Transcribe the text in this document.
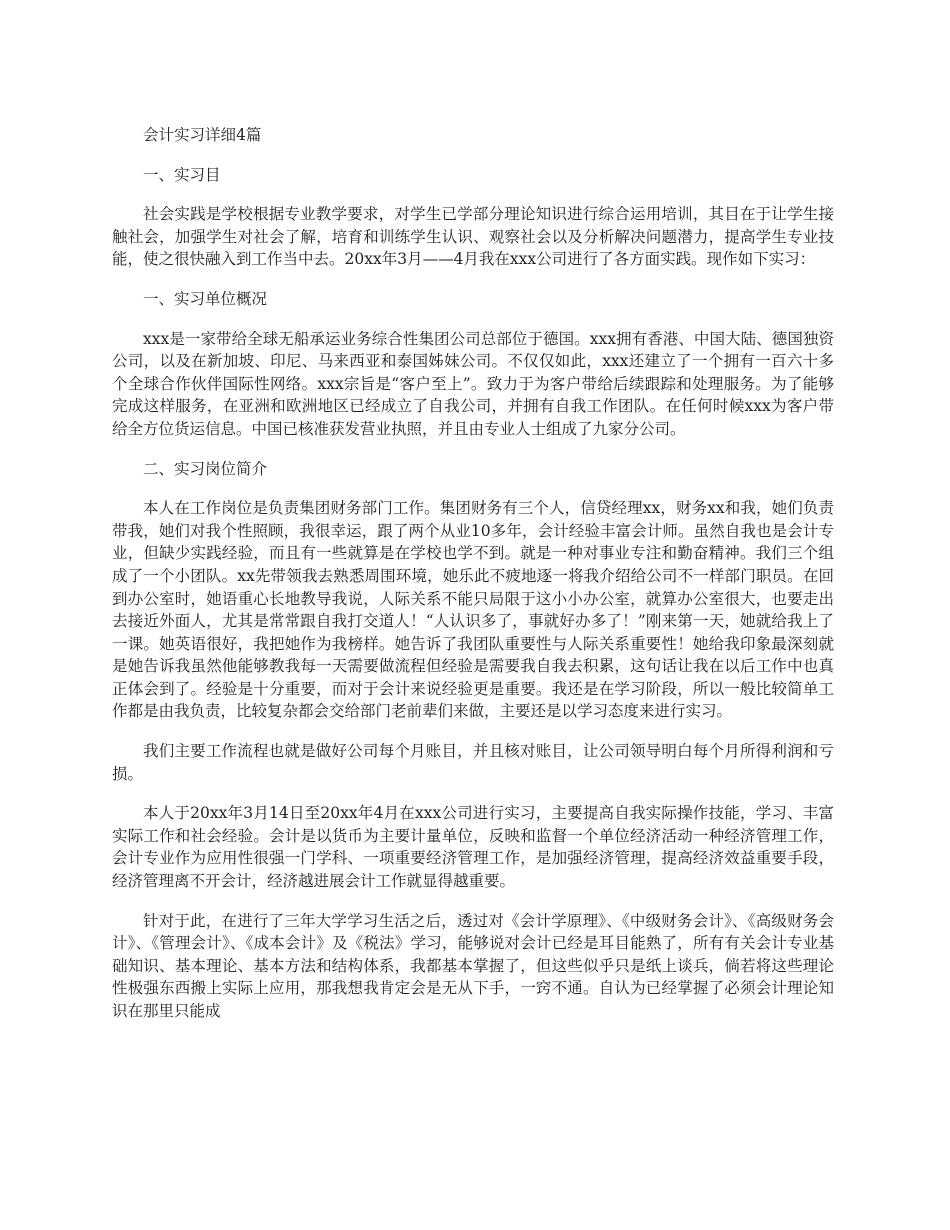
会计实习详细4篇

一、实习目

社会实践是学校根据专业教学要求，对学生已学部分理论知识进行综合运用培训，其目在于让学生接触社会，加强学生对社会了解，培育和训练学生认识、观察社会以及分析解决问题潜力，提高学生专业技能，使之很快融入到工作当中去。20xx年3月——4月我在xxx公司进行了各方面实践。现作如下实习：

一、实习单位概况

xxx是一家带给全球无船承运业务综合性集团公司总部位于德国。xxx拥有香港、中国大陆、德国独资公司，以及在新加坡、印尼、马来西亚和泰国姊妹公司。不仅仅如此，xxx还建立了一个拥有一百六十多个全球合作伙伴国际性网络。xxx宗旨是“客户至上”。致力于为客户带给后续跟踪和处理服务。为了能够完成这样服务，在亚洲和欧洲地区已经成立了自我公司，并拥有自我工作团队。在任何时候xxx为客户带给全方位货运信息。中国已核准获发营业执照，并且由专业人士组成了九家分公司。

二、实习岗位简介

本人在工作岗位是负责集团财务部门工作。集团财务有三个人，信贷经理xx，财务xx和我，她们负责带我，她们对我个性照顾，我很幸运，跟了两个从业10多年，会计经验丰富会计师。虽然自我也是会计专业，但缺少实践经验，而且有一些就算是在学校也学不到。就是一种对事业专注和勤奋精神。我们三个组成了一个小团队。xx先带领我去熟悉周围环境，她乐此不疲地逐一将我介绍给公司不一样部门职员。在回到办公室时，她语重心长地教导我说，人际关系不能只局限于这小小办公室，就算办公室很大，也要走出去接近外面人，尤其是常常跟自我打交道人！“人认识多了，事就好办多了！”刚来第一天，她就给我上了一课。她英语很好，我把她作为我榜样。她告诉了我团队重要性与人际关系重要性！她给我印象最深刻就是她告诉我虽然他能够教我每一天需要做流程但经验是需要我自我去积累，这句话让我在以后工作中也真正体会到了。经验是十分重要，而对于会计来说经验更是重要。我还是在学习阶段，所以一般比较简单工作都是由我负责，比较复杂都会交给部门老前辈们来做，主要还是以学习态度来进行实习。

我们主要工作流程也就是做好公司每个月账目，并且核对账目，让公司领导明白每个月所得利润和亏损。

本人于20xx年3月14日至20xx年4月在xxx公司进行实习，主要提高自我实际操作技能，学习、丰富实际工作和社会经验。会计是以货币为主要计量单位，反映和监督一个单位经济活动一种经济管理工作，会计专业作为应用性很强一门学科、一项重要经济管理工作，是加强经济管理，提高经济效益重要手段，经济管理离不开会计，经济越进展会计工作就显得越重要。

针对于此，在进行了三年大学学习生活之后，透过对《会计学原理》、《中级财务会计》、《高级财务会计》、《管理会计》、《成本会计》及《税法》学习，能够说对会计已经是耳目能熟了，所有有关会计专业基础知识、基本理论、基本方法和结构体系，我都基本掌握了，但这些似乎只是纸上谈兵，倘若将这些理论性极强东西搬上实际上应用，那我想我肯定会是无从下手，一窍不通。自认为已经掌握了必须会计理论知识在那里只能成
